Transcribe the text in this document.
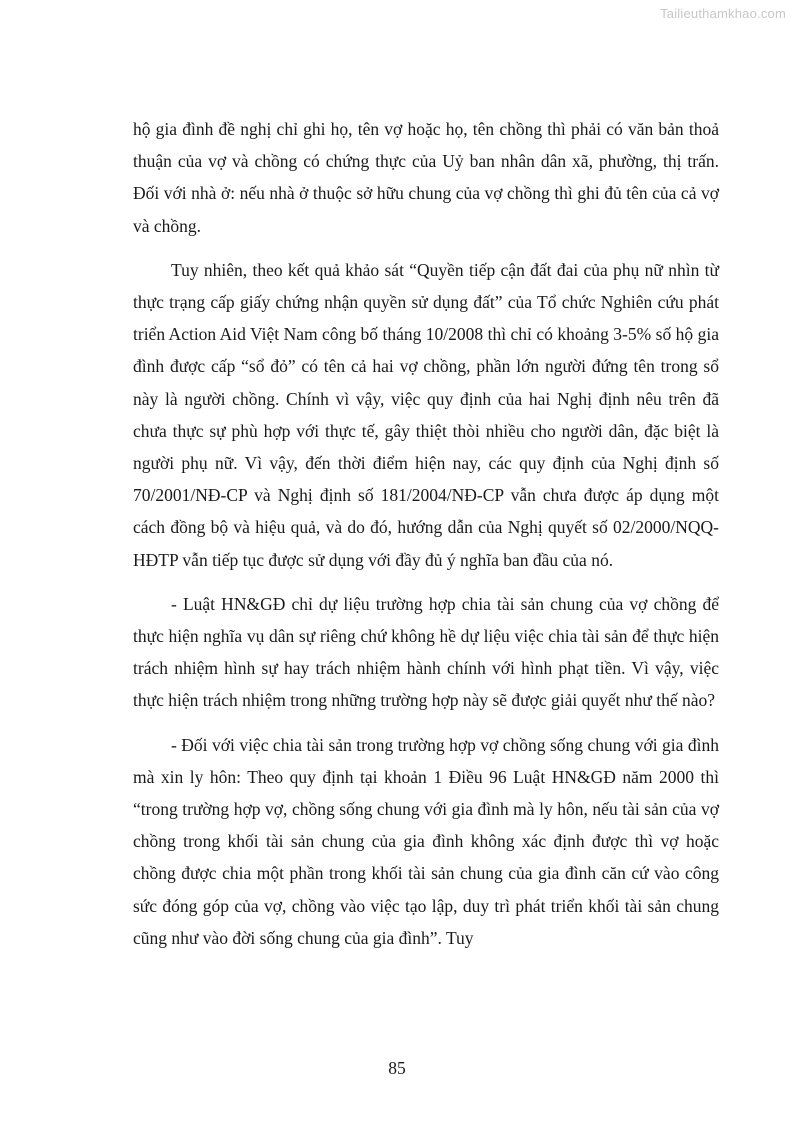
Tailieuthamkhao.com

hộ gia đình đề nghị chỉ ghi họ, tên vợ hoặc họ, tên chồng thì phải có văn bản thoả thuận của vợ và chồng có chứng thực của Uỷ ban nhân dân xã, phường, thị trấn. Đối với nhà ở: nếu nhà ở thuộc sở hữu chung của vợ chồng thì ghi đủ tên của cả vợ và chồng.

Tuy nhiên, theo kết quả khảo sát “Quyền tiếp cận đất đai của phụ nữ nhìn từ thực trạng cấp giấy chứng nhận quyền sử dụng đất” của Tổ chức Nghiên cứu phát triển Action Aid Việt Nam công bố tháng 10/2008 thì chỉ có khoảng 3-5% số hộ gia đình được cấp “sổ đỏ” có tên cả hai vợ chồng, phần lớn người đứng tên trong sổ này là người chồng. Chính vì vậy, việc quy định của hai Nghị định nêu trên đã chưa thực sự phù hợp với thực tế, gây thiệt thòi nhiều cho người dân, đặc biệt là người phụ nữ. Vì vậy, đến thời điểm hiện nay, các quy định của Nghị định số 70/2001/NĐ-CP và Nghị định số 181/2004/NĐ-CP vẫn chưa được áp dụng một cách đồng bộ và hiệu quả, và do đó, hướng dẫn của Nghị quyết số 02/2000/NQQ-HĐTP vẫn tiếp tục được sử dụng với đầy đủ ý nghĩa ban đầu của nó.

- Luật HN&GĐ chỉ dự liệu trường hợp chia tài sản chung của vợ chồng để thực hiện nghĩa vụ dân sự riêng chứ không hề dự liệu việc chia tài sản để thực hiện trách nhiệm hình sự hay trách nhiệm hành chính với hình phạt tiền. Vì vậy, việc thực hiện trách nhiệm trong những trường hợp này sẽ được giải quyết như thế nào?

- Đối với việc chia tài sản trong trường hợp vợ chồng sống chung với gia đình mà xin ly hôn: Theo quy định tại khoản 1 Điều 96 Luật HN&GĐ năm 2000 thì “trong trường hợp vợ, chồng sống chung với gia đình mà ly hôn, nếu tài sản của vợ chồng trong khối tài sản chung của gia đình không xác định được thì vợ hoặc chồng được chia một phần trong khối tài sản chung của gia đình căn cứ vào công sức đóng góp của vợ, chồng vào việc tạo lập, duy trì phát triển khối tài sản chung cũng như vào đời sống chung của gia đình”. Tuy

85
